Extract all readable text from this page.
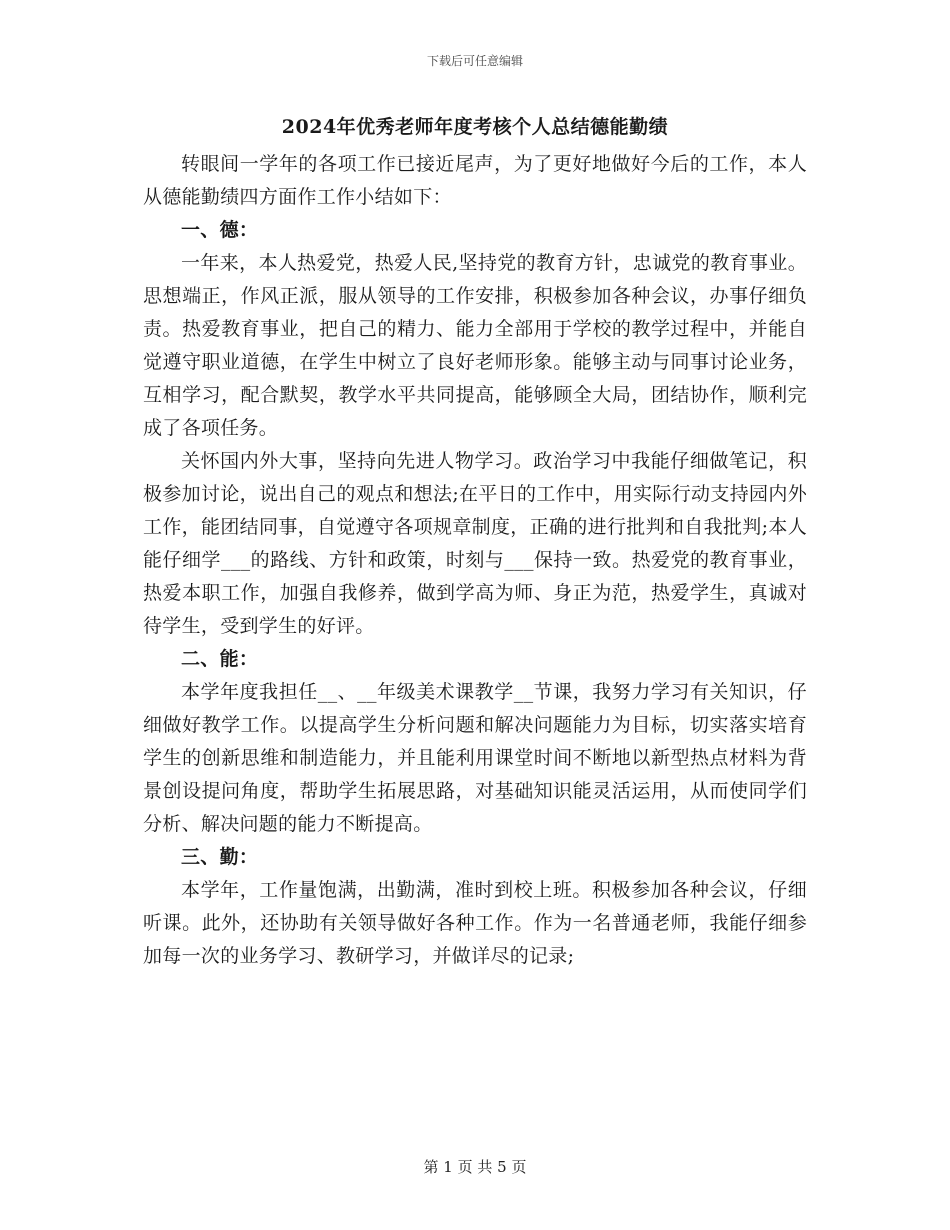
下载后可任意编辑
2024年优秀老师年度考核个人总结德能勤绩

转眼间一学年的各项工作已接近尾声，为了更好地做好今后的工作，本人从德能勤绩四方面作工作小结如下：

一、德：

一年来，本人热爱党，热爱人民,坚持党的教育方针，忠诚党的教育事业。思想端正，作风正派，服从领导的工作安排，积极参加各种会议，办事仔细负责。热爱教育事业，把自己的精力、能力全部用于学校的教学过程中，并能自觉遵守职业道德，在学生中树立了良好老师形象。能够主动与同事讨论业务，互相学习，配合默契，教学水平共同提高，能够顾全大局，团结协作，顺利完成了各项任务。

关怀国内外大事，坚持向先进人物学习。政治学习中我能仔细做笔记，积极参加讨论，说出自己的观点和想法;在平日的工作中，用实际行动支持园内外工作，能团结同事，自觉遵守各项规章制度，正确的进行批判和自我批判;本人能仔细学___的路线、方针和政策，时刻与___保持一致。热爱党的教育事业，热爱本职工作，加强自我修养，做到学高为师、身正为范，热爱学生，真诚对待学生，受到学生的好评。

二、能：

本学年度我担任__、__年级美术课教学__节课，我努力学习有关知识，仔细做好教学工作。以提高学生分析问题和解决问题能力为目标，切实落实培育学生的创新思维和制造能力，并且能利用课堂时间不断地以新型热点材料为背景创设提问角度，帮助学生拓展思路，对基础知识能灵活运用，从而使同学们分析、解决问题的能力不断提高。

三、勤：

本学年，工作量饱满，出勤满，准时到校上班。积极参加各种会议，仔细听课。此外，还协助有关领导做好各种工作。作为一名普通老师，我能仔细参加每一次的业务学习、教研学习，并做详尽的记录;

第 1 页 共 5 页
